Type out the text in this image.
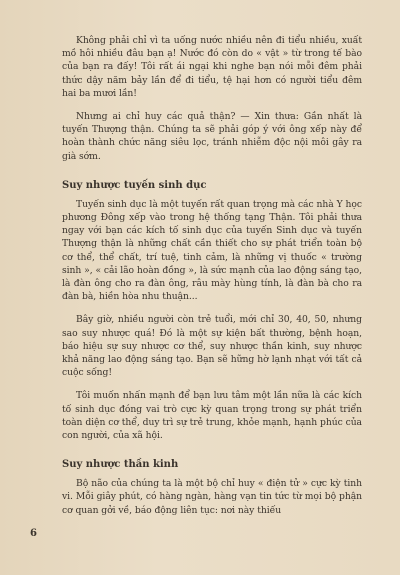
Không phải chỉ vì ta uống nước nhiều nên đi tiểu nhiều, xuất mồ hôi nhiều đâu bạn ạ! Nước đó còn do « vật » từ trong tế bào của bạn ra đấy! Tôi rất ái ngại khi nghe bạn nói mỗi đêm phải thức dậy năm bảy lần để đi tiểu, tệ hại hơn có người tiểu đêm hai ba mươi lần!

Nhưng ai chỉ huy các quả thận? — Xin thưa: Gần nhất là tuyến Thượng thận. Chúng ta sẽ phải góp ý với ông xếp này để hoàn thành chức năng siêu lọc, tránh nhiễm độc nội môi gây ra già sớm.

Suy nhược tuyến sinh dục

Tuyến sinh dục là một tuyến rất quan trọng mà các nhà Y học phương Đông xếp vào trong hệ thống tạng Thận. Tôi phải thưa ngay với bạn các kích tố sinh dục của tuyến Sinh dục và tuyến Thượng thận là những chất cần thiết cho sự phát triển toàn bộ cơ thể, thể chất, trí tuệ, tinh cảm, là những vị thuốc « trường sinh », « cải lão hoàn đồng », là sức mạnh của lao động sáng tạo, là đàn ông cho ra đàn ông, râu mày hùng tính, là đàn bà cho ra đàn bà, hiền hòa nhu thuận...

Bây giờ, nhiều người còn trẻ tuổi, mới chỉ 30, 40, 50, nhưng sao suy nhược quá! Đó là một sự kiện bất thường, bệnh hoạn, báo hiệu sự suy nhược cơ thể, suy nhược thần kinh, suy nhược khả năng lao động sáng tạo. Bạn sẽ hững hờ lạnh nhạt với tất cả cuộc sống!

Tôi muốn nhấn mạnh để bạn lưu tâm một lần nữa là các kích tố sinh dục đóng vai trò cực kỳ quan trọng trong sự phát triển toàn diện cơ thể, duy trì sự trẻ trung, khỏe mạnh, hạnh phúc của con người, của xã hội.

Suy nhược thần kinh

Bộ não của chúng ta là một bộ chỉ huy « điện tử » cực kỳ tinh vi. Mỗi giây phút, có hàng ngàn, hàng vạn tin tức từ mọi bộ phận cơ quan gởi về, báo động liên tục: nơi này thiếu

6
